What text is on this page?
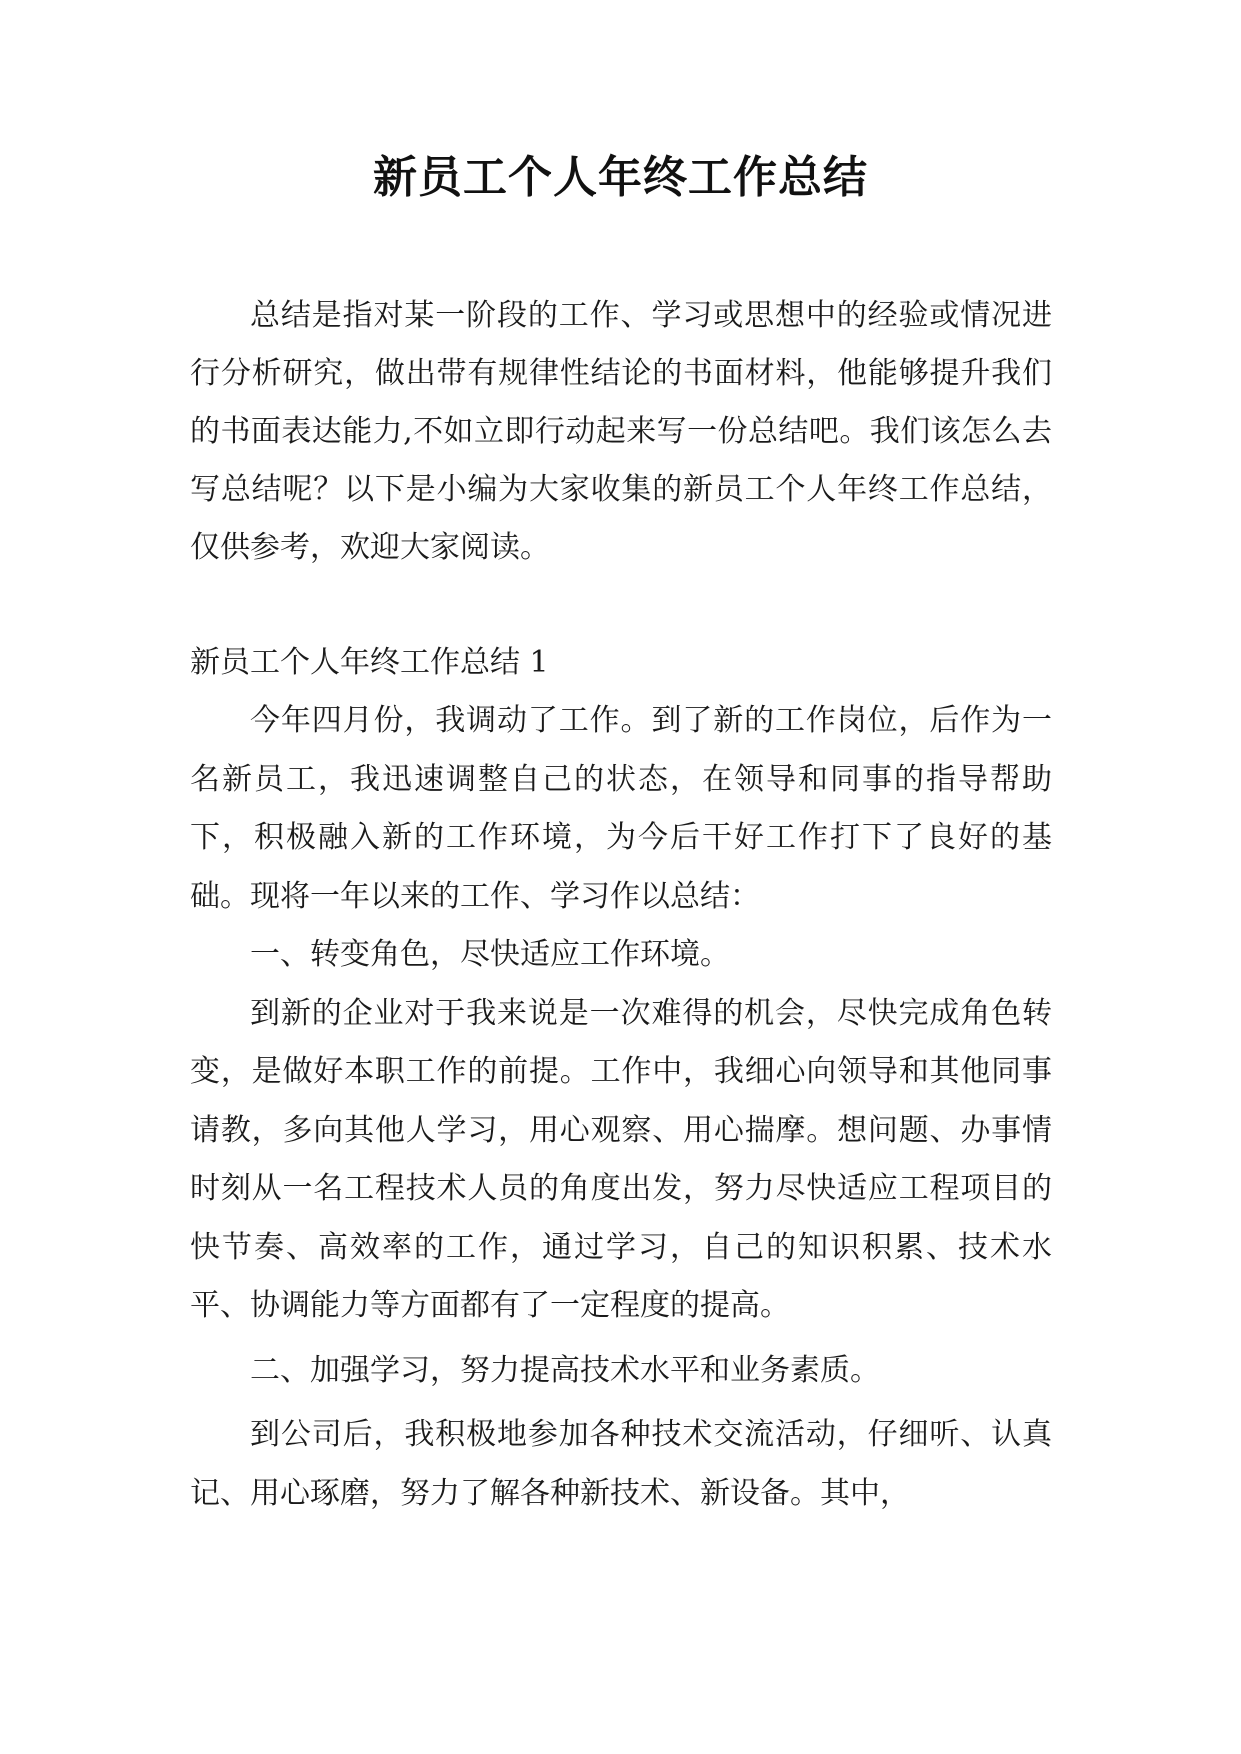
新员工个人年终工作总结

总结是指对某一阶段的工作、学习或思想中的经验或情况进行分析研究，做出带有规律性结论的书面材料，他能够提升我们的书面表达能力,不如立即行动起来写一份总结吧。我们该怎么去写总结呢？以下是小编为大家收集的新员工个人年终工作总结，仅供参考，欢迎大家阅读。

新员工个人年终工作总结 1

今年四月份，我调动了工作。到了新的工作岗位，后作为一名新员工，我迅速调整自己的状态，在领导和同事的指导帮助下，积极融入新的工作环境，为今后干好工作打下了良好的基础。现将一年以来的工作、学习作以总结：

一、转变角色，尽快适应工作环境。

到新的企业对于我来说是一次难得的机会，尽快完成角色转变，是做好本职工作的前提。工作中，我细心向领导和其他同事请教，多向其他人学习，用心观察、用心揣摩。想问题、办事情时刻从一名工程技术人员的角度出发，努力尽快适应工程项目的快节奏、高效率的工作，通过学习，自己的知识积累、技术水平、协调能力等方面都有了一定程度的提高。

二、加强学习，努力提高技术水平和业务素质。

到公司后，我积极地参加各种技术交流活动，仔细听、认真记、用心琢磨，努力了解各种新技术、新设备。其中，
